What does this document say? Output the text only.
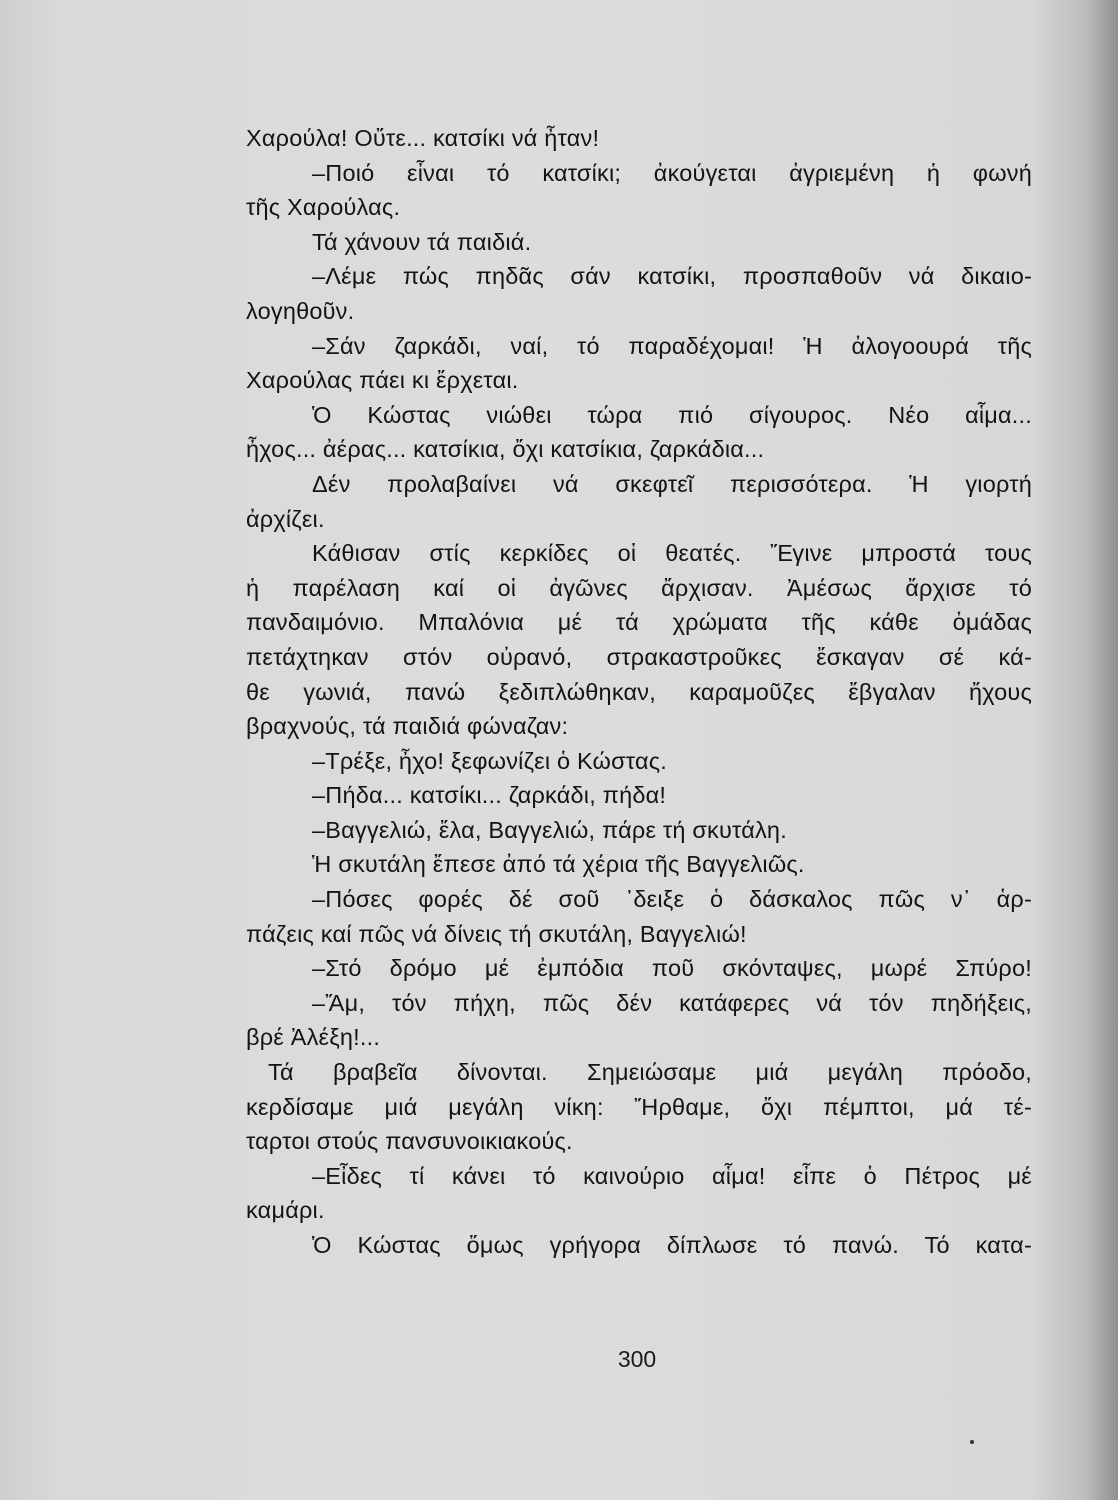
Χαρούλα! Οὔτε... κατσίκι νά ἦταν!
–Ποιό εἶναι τό κατσίκι; ἀκούγεται ἀγριεμένη ἡ φωνή
τῆς Χαρούλας.
Τά χάνουν τά παιδιά.
–Λέμε πώς πηδᾶς σάν κατσίκι, προσπαθοῦν νά δικαιο-
λογηθοῦν.
–Σάν ζαρκάδι, ναί, τό παραδέχομαι! Ἡ ἀλογοουρά τῆς
Χαρούλας πάει κι ἔρχεται.
Ὁ Κώστας νιώθει τώρα πιό σίγουρος. Νέο αἷμα...
ἦχος... ἀέρας... κατσίκια, ὄχι κατσίκια, ζαρκάδια...
Δέν προλαβαίνει νά σκεφτεῖ περισσότερα. Ἡ γιορτή
ἀρχίζει.
Κάθισαν στίς κερκίδες οἱ θεατές. Ἔγινε μπροστά τους
ἡ παρέλαση καί οἱ ἀγῶνες ἄρχισαν. Ἀμέσως ἄρχισε τό
πανδαιμόνιο. Μπαλόνια μέ τά χρώματα τῆς κάθε ὁμάδας
πετάχτηκαν στόν οὐρανό, στρακαστροῦκες ἔσκαγαν σέ κά-
θε γωνιά, πανώ ξεδιπλώθηκαν, καραμοῦζες ἔβγαλαν ἤχους
βραχνούς, τά παιδιά φώναζαν:
–Τρέξε, ἦχο! ξεφωνίζει ὁ Κώστας.
–Πήδα... κατσίκι... ζαρκάδι, πήδα!
–Βαγγελιώ, ἔλα, Βαγγελιώ, πάρε τή σκυτάλη.
Ἡ σκυτάλη ἔπεσε ἀπό τά χέρια τῆς Βαγγελιῶς.
–Πόσες φορές δέ σοῦ ᾿δειξε ὁ δάσκαλος πῶς ν᾿ ἁρ-
πάζεις καί πῶς νά δίνεις τή σκυτάλη, Βαγγελιώ!
–Στό δρόμο μέ ἐμπόδια ποῦ σκόνταψες, μωρέ Σπύρο!
–Ἄμ, τόν πήχη, πῶς δέν κατάφερες νά τόν πηδήξεις,
βρέ Ἀλέξη!...
Τά βραβεῖα δίνονται. Σημειώσαμε μιά μεγάλη πρόοδο,
κερδίσαμε μιά μεγάλη νίκη: Ἤρθαμε, ὄχι πέμπτοι, μά τέ-
ταρτοι στούς πανσυνοικιακούς.
–Εἶδες τί κάνει τό καινούριο αἷμα! εἶπε ὁ Πέτρος μέ
καμάρι.
Ὁ Κώστας ὅμως γρήγορα δίπλωσε τό πανώ. Τό κατα-
300
